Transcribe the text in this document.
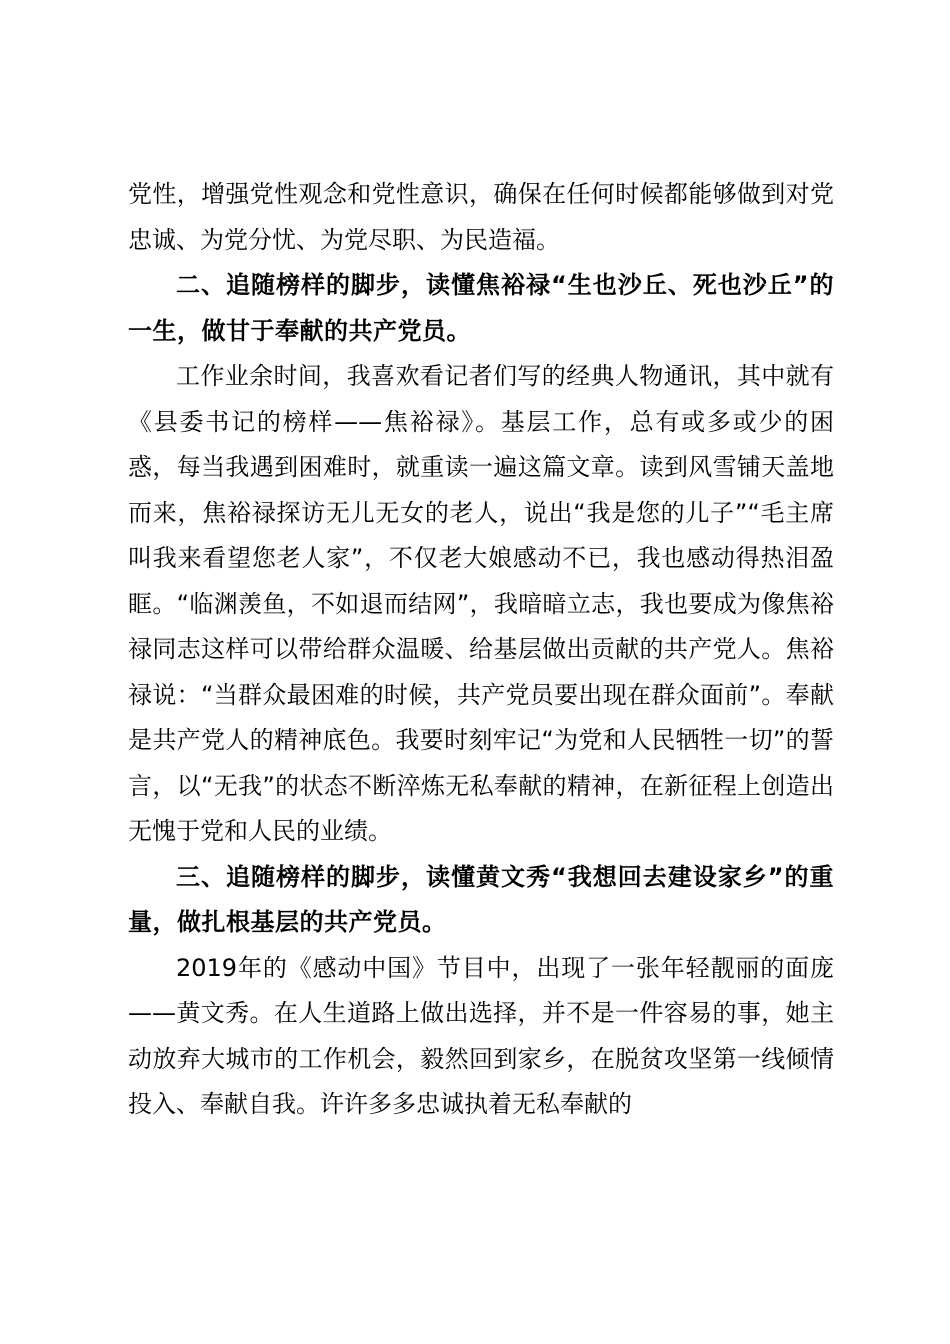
党性，增强党性观念和党性意识，确保在任何时候都能够做到对党忠诚、为党分忧、为党尽职、为民造福。

二、追随榜样的脚步，读懂焦裕禄“生也沙丘、死也沙丘”的一生，做甘于奉献的共产党员。

工作业余时间，我喜欢看记者们写的经典人物通讯，其中就有《县委书记的榜样——焦裕禄》。基层工作，总有或多或少的困惑，每当我遇到困难时，就重读一遍这篇文章。读到风雪铺天盖地而来，焦裕禄探访无儿无女的老人，说出“我是您的儿子”“毛主席叫我来看望您老人家”，不仅老大娘感动不已，我也感动得热泪盈眶。“临渊羡鱼，不如退而结网”，我暗暗立志，我也要成为像焦裕禄同志这样可以带给群众温暖、给基层做出贡献的共产党人。焦裕禄说：“当群众最困难的时候，共产党员要出现在群众面前”。奉献是共产党人的精神底色。我要时刻牢记“为党和人民牺牲一切”的誓言，以“无我”的状态不断淬炼无私奉献的精神，在新征程上创造出无愧于党和人民的业绩。

三、追随榜样的脚步，读懂黄文秀“我想回去建设家乡”的重量，做扎根基层的共产党员。

2019年的《感动中国》节目中，出现了一张年轻靓丽的面庞——黄文秀。在人生道路上做出选择，并不是一件容易的事，她主动放弃大城市的工作机会，毅然回到家乡，在脱贫攻坚第一线倾情投入、奉献自我。许许多多忠诚执着无私奉献的
